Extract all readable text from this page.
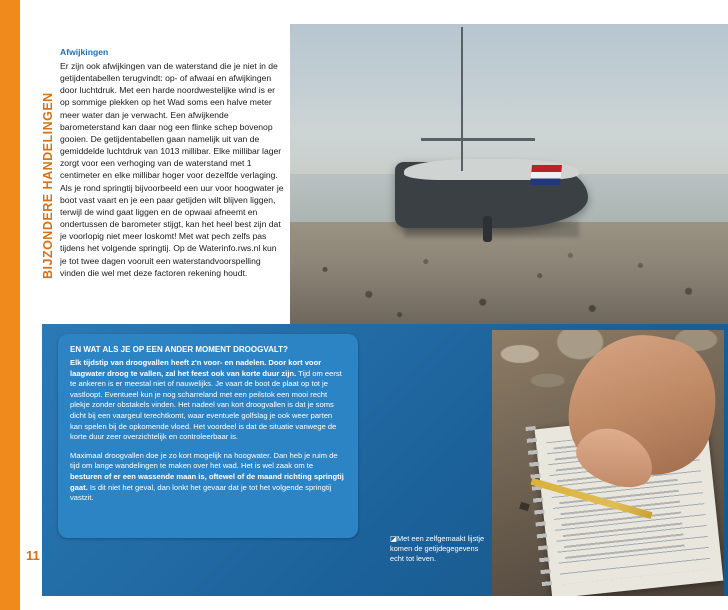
BIJZONDERE HANDELINGEN
11

Afwijkingen

Er zijn ook afwijkingen van de waterstand die je niet in de getijdentabellen terugvindt: op- of afwaai en afwijkingen door luchtdruk. Met een harde noordwestelijke wind is er op sommige plekken op het Wad soms een halve meter meer water dan je verwacht. Een afwijkende barometerstand kan daar nog een flinke schep bovenop gooien. De getijdentabellen gaan namelijk uit van de gemiddelde luchtdruk van 1013 millibar. Elke millibar lager zorgt voor een verhoging van de waterstand met 1 centimeter en elke millibar hoger voor dezelfde verlaging. Als je rond springtij bijvoorbeeld een uur voor hoogwater je boot vast vaart en je een paar getijden wilt blijven liggen, terwijl de wind gaat liggen en de opwaai afneemt en ondertussen de barometer stijgt, kan het heel best zijn dat je voorlopig niet meer loskomt! Met wat pech zelfs pas tijdens het volgende springtij. Op de Waterinfo.rws.nl kun je tot twee dagen vooruit een waterstandvoorspelling vinden die wel met deze factoren rekening houdt.

EN WAT ALS JE OP EEN ANDER MOMENT DROOGVALT?

Elk tijdstip van droogvallen heeft z'n voor- en nadelen. Door kort voor laagwater droog te vallen, zal het feest ook van korte duur zijn. Tijd om eerst te ankeren is er meestal niet of nauwelijks. Je vaart de boot de plaat op tot je vastloopt. Eventueel kun je nog scharreland met een peilstok een mooi recht plekje zonder obstakels vinden. Het nadeel van kort droogvallen is dat je soms dicht bij een vaargeul terechtkomt, waar eventuele golfslag je ook weer parten kan spelen bij de opkomende vloed. Het voordeel is dat de situatie vanwege de korte duur zeer overzichtelijk en controleerbaar is.

Maximaal droogvallen doe je zo kort mogelijk na hoogwater. Dan heb je ruim de tijd om lange wandelingen te maken over het wad. Het is wel zaak om te besturen of er een wassende maan is, oftewel of de maand richting springtij gaat. Is dit niet het geval, dan lonkt het gevaar dat je tot het volgende springtij vastzit.

◪Met een zelfgemaakt lijstje komen de getijdegegevens echt tot leven.
